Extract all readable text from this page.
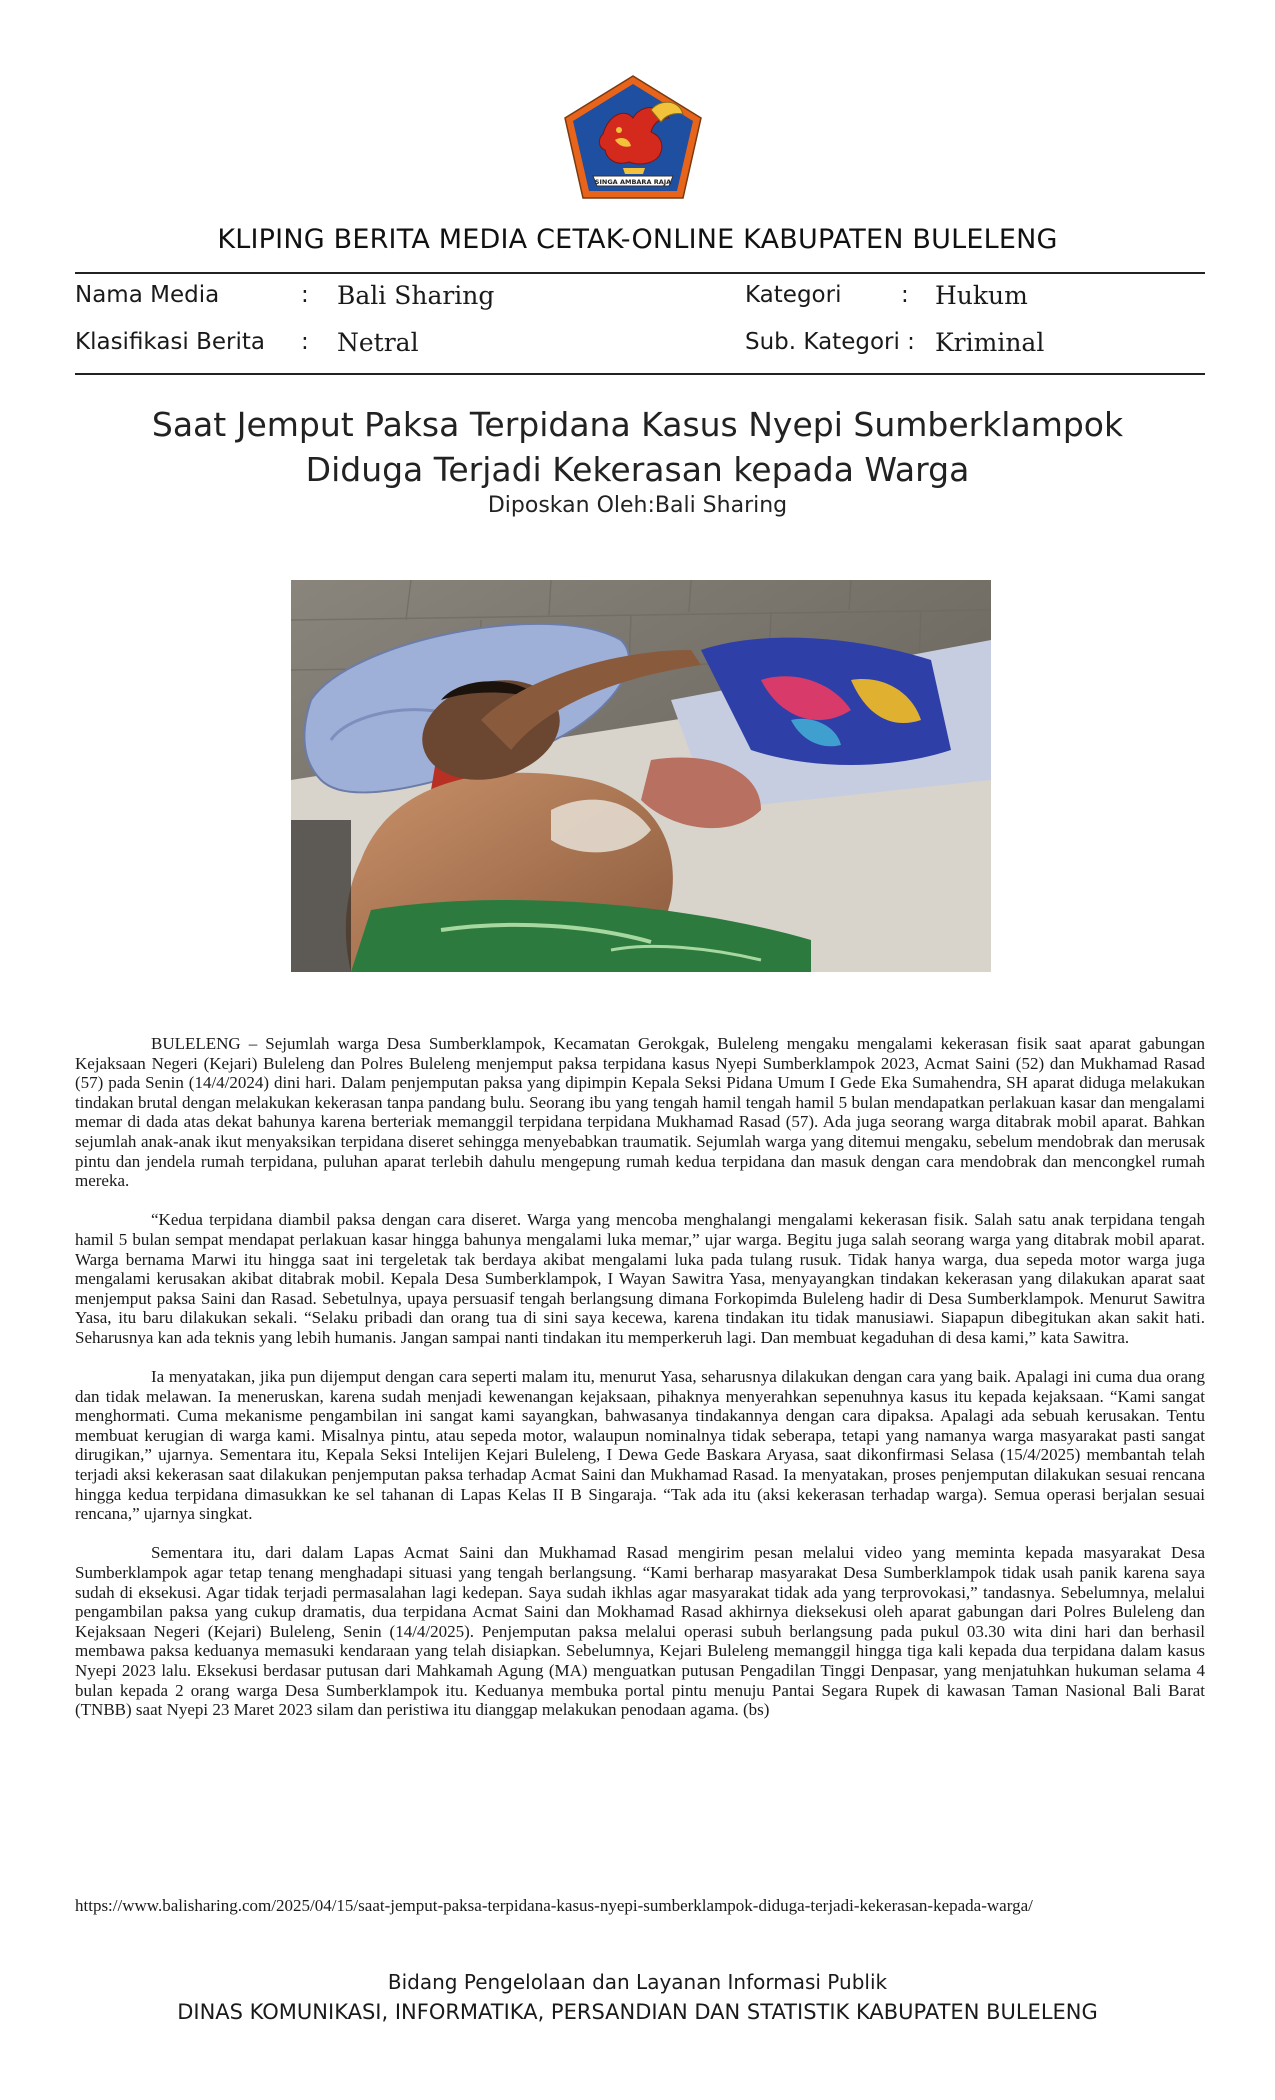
SINGA AMBARA RAJA
KLIPING BERITA MEDIA CETAK-ONLINE KABUPATEN BULELENG
Nama Media	: Bali Sharing	Kategori	: Hukum
Klasifikasi Berita : Netral	Sub. Kategori : Kriminal
Saat Jemput Paksa Terpidana Kasus Nyepi Sumberklampok
Diduga Terjadi Kekerasan kepada Warga
Diposkan Oleh:Bali Sharing

BULELENG – Sejumlah warga Desa Sumberklampok, Kecamatan Gerokgak, Buleleng mengaku mengalami kekerasan fisik saat aparat gabungan Kejaksaan Negeri (Kejari) Buleleng dan Polres Buleleng menjemput paksa terpidana kasus Nyepi Sumberklampok 2023, Acmat Saini (52) dan Mukhamad Rasad (57) pada Senin (14/4/2024) dini hari. Dalam penjemputan paksa yang dipimpin Kepala Seksi Pidana Umum I Gede Eka Sumahendra, SH aparat diduga melakukan tindakan brutal dengan melakukan kekerasan tanpa pandang bulu. Seorang ibu yang tengah hamil tengah hamil 5 bulan mendapatkan perlakuan kasar dan mengalami memar di dada atas dekat bahunya karena berteriak memanggil terpidana terpidana Mukhamad Rasad (57). Ada juga seorang warga ditabrak mobil aparat. Bahkan sejumlah anak-anak ikut menyaksikan terpidana diseret sehingga menyebabkan traumatik. Sejumlah warga yang ditemui mengaku, sebelum mendobrak dan merusak pintu dan jendela rumah terpidana, puluhan aparat terlebih dahulu mengepung rumah kedua terpidana dan masuk dengan cara mendobrak dan mencongkel rumah mereka.

“Kedua terpidana diambil paksa dengan cara diseret. Warga yang mencoba menghalangi mengalami kekerasan fisik. Salah satu anak terpidana tengah hamil 5 bulan sempat mendapat perlakuan kasar hingga bahunya mengalami luka memar,” ujar warga. Begitu juga salah seorang warga yang ditabrak mobil aparat. Warga bernama Marwi itu hingga saat ini tergeletak tak berdaya akibat mengalami luka pada tulang rusuk. Tidak hanya warga, dua sepeda motor warga juga mengalami kerusakan akibat ditabrak mobil. Kepala Desa Sumberklampok, I Wayan Sawitra Yasa, menyayangkan tindakan kekerasan yang dilakukan aparat saat menjemput paksa Saini dan Rasad. Sebetulnya, upaya persuasif tengah berlangsung dimana Forkopimda Buleleng hadir di Desa Sumberklampok. Menurut Sawitra Yasa, itu baru dilakukan sekali. “Selaku pribadi dan orang tua di sini saya kecewa, karena tindakan itu tidak manusiawi. Siapapun dibegitukan akan sakit hati. Seharusnya kan ada teknis yang lebih humanis. Jangan sampai nanti tindakan itu memperkeruh lagi. Dan membuat kegaduhan di desa kami,” kata Sawitra.

Ia menyatakan, jika pun dijemput dengan cara seperti malam itu, menurut Yasa, seharusnya dilakukan dengan cara yang baik. Apalagi ini cuma dua orang dan tidak melawan. Ia meneruskan, karena sudah menjadi kewenangan kejaksaan, pihaknya menyerahkan sepenuhnya kasus itu kepada kejaksaan. “Kami sangat menghormati. Cuma mekanisme pengambilan ini sangat kami sayangkan, bahwasanya tindakannya dengan cara dipaksa. Apalagi ada sebuah kerusakan. Tentu membuat kerugian di warga kami. Misalnya pintu, atau sepeda motor, walaupun nominalnya tidak seberapa, tetapi yang namanya warga masyarakat pasti sangat dirugikan,” ujarnya. Sementara itu, Kepala Seksi Intelijen Kejari Buleleng, I Dewa Gede Baskara Aryasa, saat dikonfirmasi Selasa (15/4/2025) membantah telah terjadi aksi kekerasan saat dilakukan penjemputan paksa terhadap Acmat Saini dan Mukhamad Rasad. Ia menyatakan, proses penjemputan dilakukan sesuai rencana hingga kedua terpidana dimasukkan ke sel tahanan di Lapas Kelas II B Singaraja. “Tak ada itu (aksi kekerasan terhadap warga). Semua operasi berjalan sesuai rencana,” ujarnya singkat.

Sementara itu, dari dalam Lapas Acmat Saini dan Mukhamad Rasad mengirim pesan melalui video yang meminta kepada masyarakat Desa Sumberklampok agar tetap tenang menghadapi situasi yang tengah berlangsung. “Kami berharap masyarakat Desa Sumberklampok tidak usah panik karena saya sudah di eksekusi. Agar tidak terjadi permasalahan lagi kedepan. Saya sudah ikhlas agar masyarakat tidak ada yang terprovokasi,” tandasnya. Sebelumnya, melalui pengambilan paksa yang cukup dramatis, dua terpidana Acmat Saini dan Mokhamad Rasad akhirnya dieksekusi oleh aparat gabungan dari Polres Buleleng dan Kejaksaan Negeri (Kejari) Buleleng, Senin (14/4/2025). Penjemputan paksa melalui operasi subuh berlangsung pada pukul 03.30 wita dini hari dan berhasil membawa paksa keduanya memasuki kendaraan yang telah disiapkan. Sebelumnya, Kejari Buleleng memanggil hingga tiga kali kepada dua terpidana dalam kasus Nyepi 2023 lalu. Eksekusi berdasar putusan dari Mahkamah Agung (MA) menguatkan putusan Pengadilan Tinggi Denpasar, yang menjatuhkan hukuman selama 4 bulan kepada 2 orang warga Desa Sumberklampok itu. Keduanya membuka portal pintu menuju Pantai Segara Rupek di kawasan Taman Nasional Bali Barat (TNBB) saat Nyepi 23 Maret 2023 silam dan peristiwa itu dianggap melakukan penodaan agama. (bs)

https://www.balisharing.com/2025/04/15/saat-jemput-paksa-terpidana-kasus-nyepi-sumberklampok-diduga-terjadi-kekerasan-kepada-warga/
Bidang Pengelolaan dan Layanan Informasi Publik
DINAS KOMUNIKASI, INFORMATIKA, PERSANDIAN DAN STATISTIK KABUPATEN BULELENG
